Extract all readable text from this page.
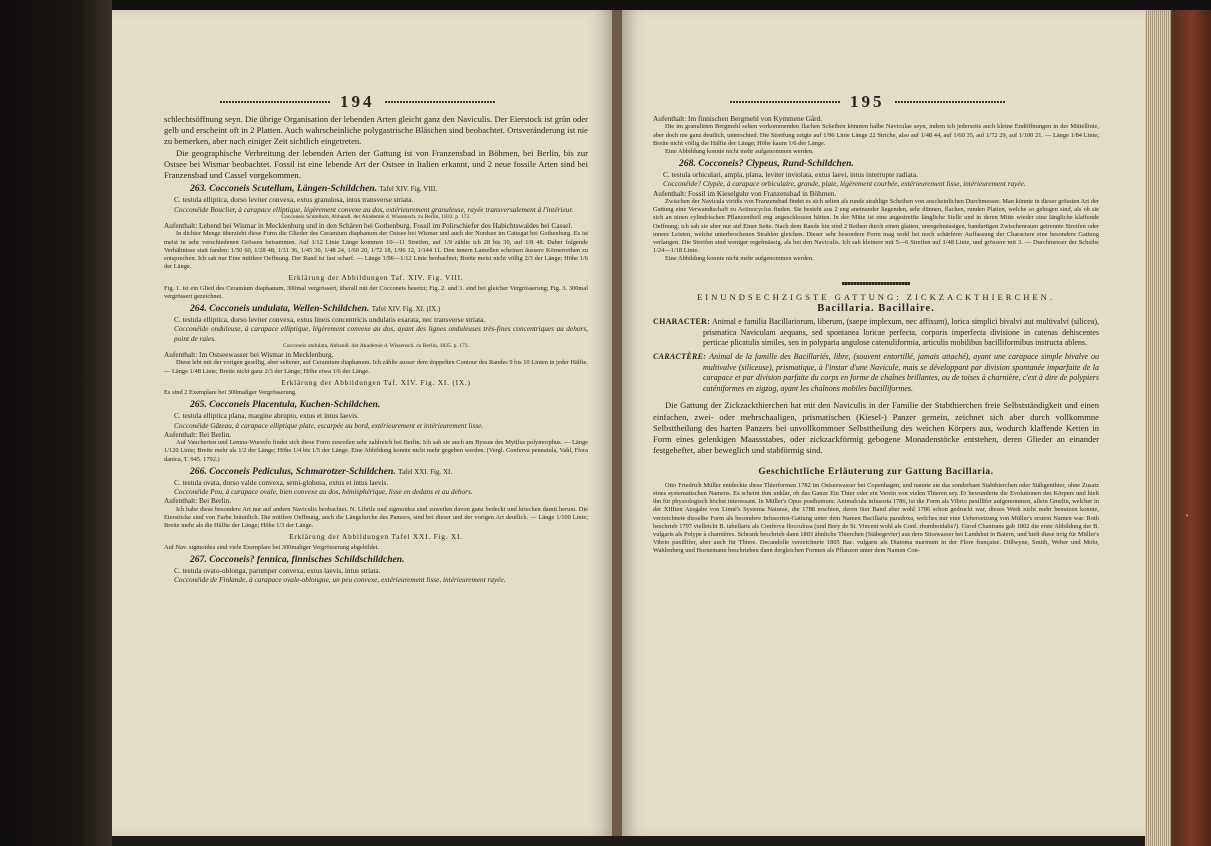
•
194

schlechtsöffnung seyn. Die übrige Organisation der lebenden Arten gleicht ganz den Naviculis. Der Eierstock ist grün oder gelb und erscheint oft in 2 Platten. Auch wahrscheinliche polygastrische Bläschen sind beobachtet. Ortsveränderung ist nie zu bemerken, aber nach einiger Zeit sichtlich eingetreten.

Die geographische Verbreitung der lebenden Arten der Gattung ist von Franzensbad in Böhmen, bei Berlin, bis zur Ostsee bei Wismar beobachtet. Fossil ist eine lebende Art der Ostsee in Italien erkannt, und 2 neue fossile Arten sind bei Franzensbad und Cassel vorgekommen.

263. Cocconeis Scutellum, Längen-Schildchen. Tafel XIV. Fig. VIII.

C. testula elliptica, dorso leviter convexa, extus granulosa, intus transverse striata.

Cocconéide Bouclier, à carapace elliptique, légèrement convexe au dos, extérieurement granuleuse, rayée transversalement à l'intérieur.

Cocconeis Scutellum, Abhandl. der Akademie d. Wissensch. zu Berlin, 1833. p. 173.

Aufenthalt: Lebend bei Wismar in Mecklenburg und in den Schären bei Gothenburg. Fossil im Polirschiefer des Habichtswaldes bei Cassel.

In dichter Menge überzieht diese Form die Glieder des Ceramium diaphanum der Ostsee bei Wismar und auch der Nordsee im Cattegat bei Gothenburg. Es ist meist in sehr verschiedenen Grössen beisammen. Auf 1/12 Linie Länge kommen 10—11 Streifen, auf 1/9 zählte ich 28 bis 30, auf 1/8 48. Daher folgende Verhältnisse statt fanden: 1/50 60, 1/28 48, 1/31 36, 1/45 30, 1/48 24, 1/60 20, 1/72 18, 1/96 12, 1/144 11. Den innern Lamellen scheinen äussere Körnerreihen zu entsprechen. Ich sah nur Eine mittlere Oeffnung. Der Rand ist fast scharf. — Länge 1/96—1/12 Linie beobachtet; Breite meist nicht völlig 2/3 der Länge; Höhe 1/6 der Länge.

Erklärung der Abbildungen Taf. XIV. Fig. VIII.

Fig. 1. ist ein Glied des Ceramium diaphanum, 300mal vergrössert, überall mit der Cocconeis besetzt; Fig. 2. und 3. sind bei gleicher Vergrösserung; Fig. 3. 300mal vergrössert gezeichnet.

264. Cocconeis undulata, Wellen-Schildchen. Tafel XIV. Fig. XI. (IX.)

C. testula elliptica, dorso leviter convexa, extus lineis concentricis undulatis exarata, nec transverse striata.

Cocconéide onduleuse, à carapace elliptique, légèrement convexe au dos, ayant des lignes onduleuses très-fines concentriques au dehors, point de raies.

Cocconeis undulata, Abhandl. der Akademie d. Wissensch. zu Berlin, 1835. p. 173.

Aufenthalt: Im Ostseewasser bei Wismar in Mecklenburg.

Diese lebt mit der vorigen gesellig, aber seltener, auf Ceramium diaphanum. Ich zählte ausser dem doppelten Contour des Randes 9 bis 10 Linien in jeder Hälfte. — Länge 1/48 Linie; Breite nicht ganz 2/3 der Länge; Höhe etwa 1/6 der Länge.

Erklärung der Abbildungen Taf. XIV. Fig. XI. (IX.)

Es sind 2 Exemplare bei 300maliger Vergrösserung.

265. Cocconeis Placentula, Kuchen-Schildchen.

C. testula elliptica plana, margine abrupto, extus et intus laevis.

Cocconéide Gâteau, à carapace elliptique plate, escarpée au bord, extérieurement et intérieurement lisse.

Aufenthalt: Bei Berlin.

Auf Vaucherien und Lemna-Wurzeln findet sich diese Form zuweilen sehr zahlreich bei Berlin. Ich sah sie auch am Byssus des Mytilus polymorphus. — Länge 1/120 Linie; Breite mehr als 1/2 der Länge; Höhe 1/4 bis 1/5 der Länge. Eine Abbildung konnte nicht mehr gegeben werden. (Vergl. Conferva pennatula, Vahl, Flora danica, T. 945. 1792.)

266. Cocconeis Pediculus, Schmarotzer-Schildchen. Tafel XXI. Fig. XI.

C. testula ovata, dorso valde convexa, semi-globosa, extus et intus laevis.

Cocconéide Pou, à carapace ovale, bien convexe au dos, hémisphérique, lisse en dedans et au dehors.

Aufenthalt: Bei Berlin.

Ich habe diese besondere Art nur auf andern Naviculis beobachtet. N. Librile und sigmoidea sind zuweilen davon ganz bedeckt und kriechen damit herum. Die Eierstöcke sind von Farbe bräunlich. Die mittlere Oeffnung, auch die Längsfurche des Panzers, sind bei dieser und der vorigen Art deutlich. — Länge 1/100 Linie; Breite mehr als die Hälfte der Länge; Höhe 1/3 der Länge.

Erklärung der Abbildungen Tafel XXI. Fig. XI.

Auf Nav. sigmoidea sind viele Exemplare bei 300maliger Vergrösserung abgebildet.

267. Cocconeis? fennica, finnisches Schildschildchen.

C. testula ovato-oblonga, parumper convexa, extus laevis, intus striata.

Cocconéide de Finlande, à carapace ovale-oblongue, un peu convexe, extérieurement lisse, intérieurement rayée.

195

Aufenthalt: Im finnischen Bergmehl von Kymmene Gård.

Die im granulirten Bergmehl selten vorkommenden flachen Scheiben könnten halbe Naviculae seyn, indem ich jederseits auch kleine Endöffnungen in der Mittellinie, aber doch nie ganz deutlich, unterschied. Die Streifung zeigte auf 1/96 Linie Länge 22 Striche, also auf 1/48 44, auf 1/60 35, auf 1/72 29, auf 1/100 21. — Länge 1/84 Linie; Breite nicht völlig die Hälfte der Länge; Höhe kaum 1/6 der Länge.

Eine Abbildung konnte nicht mehr aufgenommen werden.

268. Cocconeis? Clypeus, Rund-Schildchen.

C. testula orbiculari, ampla, plana, leviter inviolata, extus laevi, intus interrupte radiata.

Cocconéide? Clypée, à carapace orbiculaire, grande, plate, légèrement courbée, extérieurement lisse, intérieurement rayée.

Aufenthalt: Fossil im Kieselguhr von Franzensbad in Böhmen.

Zwischen der Navicula viridis von Franzensbad findet es sich selten als runde strahlige Scheiben von anscheinlichen Durchmesser. Man könnte in dieser grössten Art der Gattung eine Verwandtschaft zu Actinocyclus finden. Sie besteht aus 2 eng aneinander liegenden, sehr dünnen, flachen, runden Platten, welche so gebogen sind, als ob sie sich an einen cylindrischen Pflanzentheil eng angeschlossen hätten. In der Mitte ist eine angestreifte längliche Stelle und in deren Mitte wieder eine längliche klaffende Oeffnung; ich sah sie aber nur auf Einer Seite. Nach dem Rande hin sind 2 Reihen durch einen glatten, unregelmässigen, bandartigen Zwischenraum getrennte Streifen oder innere Leisten, welche unterbrochenen Strahlen gleichen. Dieser sehr besondere Form mag wohl bei noch schärferer Auffassung der Charactere eine besondere Gattung verlangen. Die Streifen sind weniger regelmässig, als bei den Naviculis. Ich sah kleinere mit 5—6 Streifen auf 1/48 Linie, und grössere mit 3. — Durchmesser der Scheibe 1/24—1/18 Linie.

Eine Abbildung konnte nicht mehr aufgenommen werden.

EINUNDSECHZIGSTE GATTUNG: ZICKZACKTHIERCHEN.

Bacillaria. Bacillaire.

CHARACTER: Animal e familia Bacillariorum, liberum, (saepe implexum, nec affixum), lorica simplici bivalvi aut multivalvi (silicea), prismatica Naviculam aequans, sed spontanea loricae perfecta, corporis imperfecta divisione in catenas dehiscentes perticae plicatulis similes, sen in polyparia angulose catenuliformia, articulis mobilibus bacilliformibus instructa ablens.

CARACTÈRE: Animal de la famille des Bacillariés, libre, (souvent entortillé, jamais attaché), ayant une carapace simple bivalve ou multivalve (siliceuse), prismatique, à l'instar d'une Navicule, mais se développant par division spontanée imparfaite de la carapace et par division parfaite du corps en forme de chaînes brillantes, ou de toises à charnière, c'est à dire de polypiers caténiformes en zigzag, ayant les chaînons mobiles bacilliformes.

Die Gattung der Zickzackthierchen hat mit den Naviculis in der Familie der Stabthierchen freie Selbstständigkeit und einen einfachen, zwei- oder mehrschaaligen, prismatischen (Kiesel-) Panzer gemein, zeichnet sich aber durch vollkommne Selbsttheilung des harten Panzers bei unvollkommner Selbsttheilung des weichen Körpers aus, wodurch klaffende Ketten in Form eines gelenkigen Maassstabes, oder zickzackförmig gebogene Monadenstöcke entstehen, deren Glieder an einander festgeheftet, aber beweglich und stabförmig sind.

Geschichtliche Erläuterung zur Gattung Bacillaria.

Otto Friedrich Müller entdeckte diese Thierformen 1782 im Ostseewasser bei Copenhagen, und nannte sie das sonderbare Stabthierchen oder Stäbgenthier, ohne Zusatz eines systematischen Namens. Es scheint ihm unklar, ob das Ganze Ein Thier oder ein Verein von vielen Thieren sey. Er bewunderte die Evolutionen des Körpers und hielt ihn für physiologisch höchst interessant. In Müller's Opus posthumum: Animalcula infusoria 1786, ist die Form als Vibrio paxillifer aufgenommen, allein Gmelin, welcher in der XIIIten Ausgabe von Linné's Systema Naturae, die 1788 erschien, deren 6ter Band aber wohl 1786 schon gedruckt war, dieses Werk nicht mehr benutzen konnte, verzeichnete dieselbe Form als besondere Infusorien-Gattung unter dem Namen Bacillaria paradoxa, welches nur eine Uebersetzung von Müller's erstem Namen war. Roth beschrieb 1797 vielleicht B. tabellaris als Conferva flocculosa (und Bory de St. Vincent wohl als Conf. rhomboidalis?). Girod Chantrans gab 1802 die erste Abbildung der B. vulgaris als Polype à charnières. Schrank beschrieb dann 1803 ähnliche Thierchen (Stäbegevier) aus dem Süsswasser bei Landshut in Baiern, und hielt diese irrig für Müller's Vibrio paxillifer, aber auch für Thiere. Decandolle verzeichnete 1805 Bac. vulgaris als Diatoma marinum in der Flore française. Dillwyne, Smith, Weber und Mohr, Wahlenberg und Hornemann beschrieben dann dergleichen Formen als Pflanzen unter dem Namen Con-
